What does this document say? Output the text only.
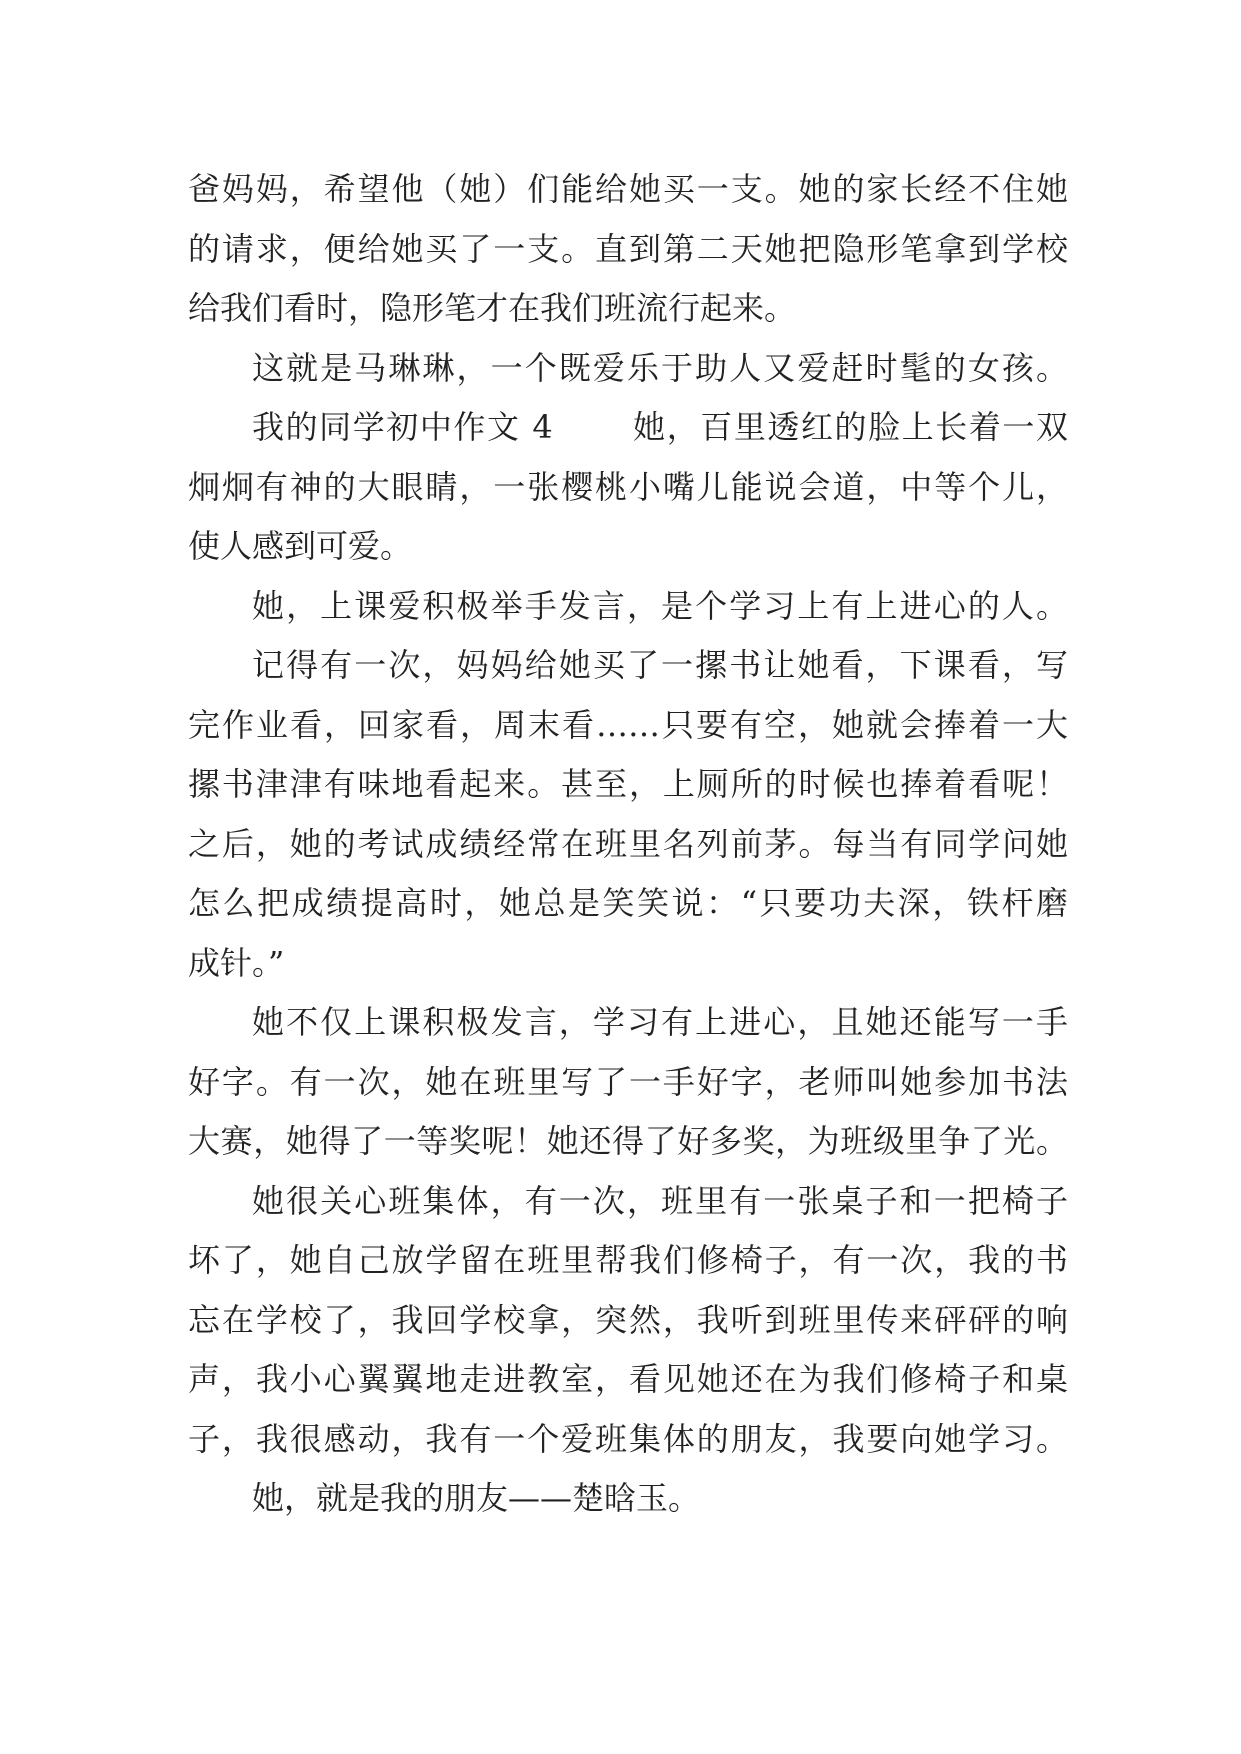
爸妈妈，希望他（她）们能给她买一支。她的家长经不住她
的请求，便给她买了一支。直到第二天她把隐形笔拿到学校
给我们看时，隐形笔才在我们班流行起来。
这就是马琳琳，一个既爱乐于助人又爱赶时髦的女孩。
我的同学初中作文 4　　 她，百里透红的脸上长着一双
炯炯有神的大眼睛，一张樱桃小嘴儿能说会道，中等个儿，
使人感到可爱。
她，上课爱积极举手发言，是个学习上有上进心的人。
记得有一次，妈妈给她买了一摞书让她看，下课看，写
完作业看，回家看，周末看……只要有空，她就会捧着一大
摞书津津有味地看起来。甚至，上厕所的时候也捧着看呢！
之后，她的考试成绩经常在班里名列前茅。每当有同学问她
怎么把成绩提高时，她总是笑笑说：“只要功夫深，铁杆磨
成针。”
她不仅上课积极发言，学习有上进心，且她还能写一手
好字。有一次，她在班里写了一手好字，老师叫她参加书法
大赛，她得了一等奖呢！她还得了好多奖，为班级里争了光。
她很关心班集体，有一次，班里有一张桌子和一把椅子
坏了，她自己放学留在班里帮我们修椅子，有一次，我的书
忘在学校了，我回学校拿，突然，我听到班里传来砰砰的响
声，我小心翼翼地走进教室，看见她还在为我们修椅子和桌
子，我很感动，我有一个爱班集体的朋友，我要向她学习。
她，就是我的朋友——楚晗玉。
